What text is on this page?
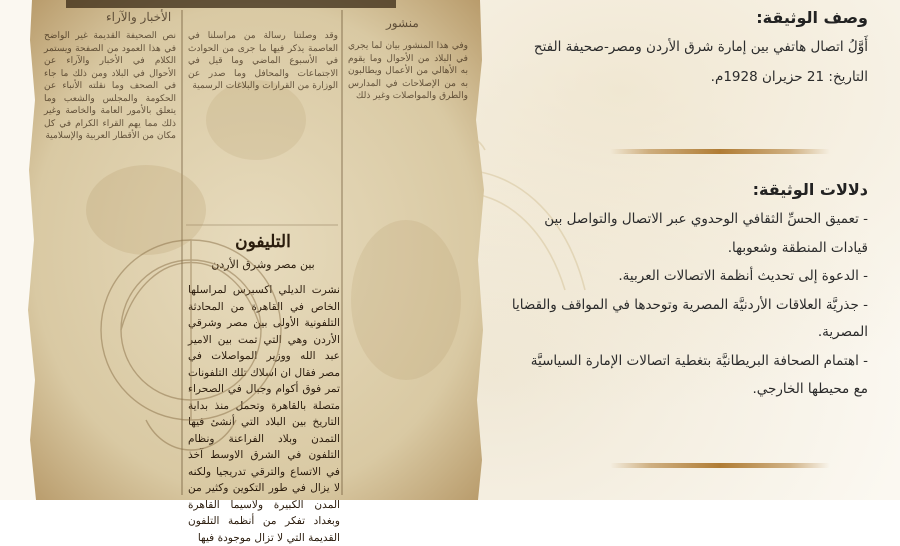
الأخبار والآراء	منشور
نص الصحيفة القديمة غير الواضح في هذا العمود من الصفحة ويستمر الكلام في الأخبار والآراء عن الأحوال في البلاد ومن ذلك ما جاء في الصحف وما نقلته الأنباء عن الحكومة والمجلس والشعب وما يتعلق بالأمور العامة والخاصة وغير ذلك مما يهم القراء الكرام في كل مكان من الأقطار العربية والإسلامية
وقد وصلتنا رسالة من مراسلنا في العاصمة يذكر فيها ما جرى من الحوادث في الأسبوع الماضي وما قيل في الاجتماعات والمحافل وما صدر عن الوزارة من القرارات والبلاغات الرسمية
وفي هذا المنشور بيان لما يجري في البلاد من الأحوال وما يقوم به الأهالي من الأعمال ويطالبون به من الإصلاحات في المدارس والطرق والمواصلات وغير ذلك
التليفون
بين مصر وشرق الأردن
نشرت الديلي اكسبرس لمراسلها الخاص في القاهرة من المحادثة التلفونية الأولى بين مصر وشرقي الأردن وهي التي تمت بين الامير عبد الله ووزير المواصلات في مصر فقال ان اسلاك تلك التلفونات تمر فوق أكوام وجبال في الصحراء متصلة بالقاهرة وتحمل منذ بداية التاريخ بين البلاد التي أنشئ فيها التمدن وبلاد الفراعنة ونظام التلفون في الشرق الاوسط آخذ في الاتساع والترقي تدريجيا ولكنه لا يزال في طور التكوين وكثير من المدن الكبيرة ولاسيما القاهرة وبغداد تفكر من أنظمة التلفون القديمة التي لا تزال موجودة فيها
وصف الوثيقة:
أَوَّلُ اتصال هاتفي بين إمارة شرق الأردن ومصر-صحيفة الفتح
التاريخ: 21 حزيران 1928م.
دلالات الوثيقة:
- تعميق الحسِّ الثقافي الوحدوي عبر الاتصال والتواصل بين
قيادات المنطقة وشعوبها.
- الدعوة إلى تحديث أنظمة الاتصالات العربية.
- جذريَّة العلاقات الأردنيَّة المصرية وتوحدها في المواقف والقضايا
المصرية.
- اهتمام الصحافة البريطانيَّة بتغطية اتصالات الإمارة السياسيَّة
مع محيطها الخارجي.
